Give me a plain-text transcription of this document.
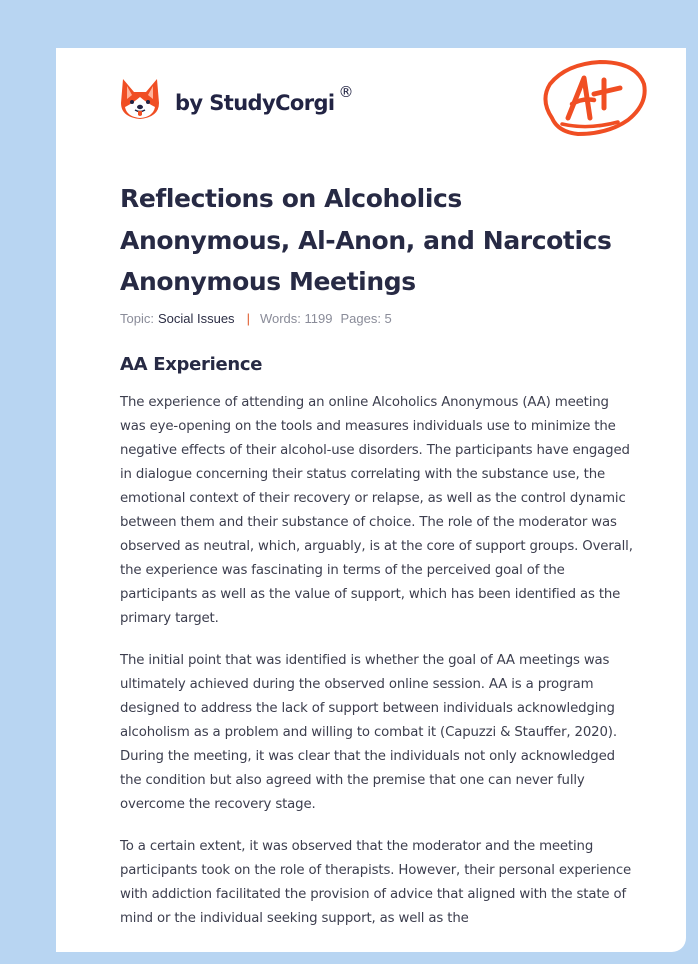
by StudyCorgi ®
Reflections on Alcoholics Anonymous, Al-Anon, and Narcotics Anonymous Meetings
Topic: Social Issues | Words: 1199 Pages: 5
AA Experience

The experience of attending an online Alcoholics Anonymous (AA) meeting was eye-opening on the tools and measures individuals use to minimize the negative effects of their alcohol-use disorders. The participants have engaged in dialogue concerning their status correlating with the substance use, the emotional context of their recovery or relapse, as well as the control dynamic between them and their substance of choice. The role of the moderator was observed as neutral, which, arguably, is at the core of support groups. Overall, the experience was fascinating in terms of the perceived goal of the participants as well as the value of support, which has been identified as the primary target.

The initial point that was identified is whether the goal of AA meetings was ultimately achieved during the observed online session. AA is a program designed to address the lack of support between individuals acknowledging alcoholism as a problem and willing to combat it (Capuzzi & Stauffer, 2020). During the meeting, it was clear that the individuals not only acknowledged the condition but also agreed with the premise that one can never fully overcome the recovery stage.

To a certain extent, it was observed that the moderator and the meeting participants took on the role of therapists. However, their personal experience with addiction facilitated the provision of advice that aligned with the state of mind or the individual seeking support, as well as the
